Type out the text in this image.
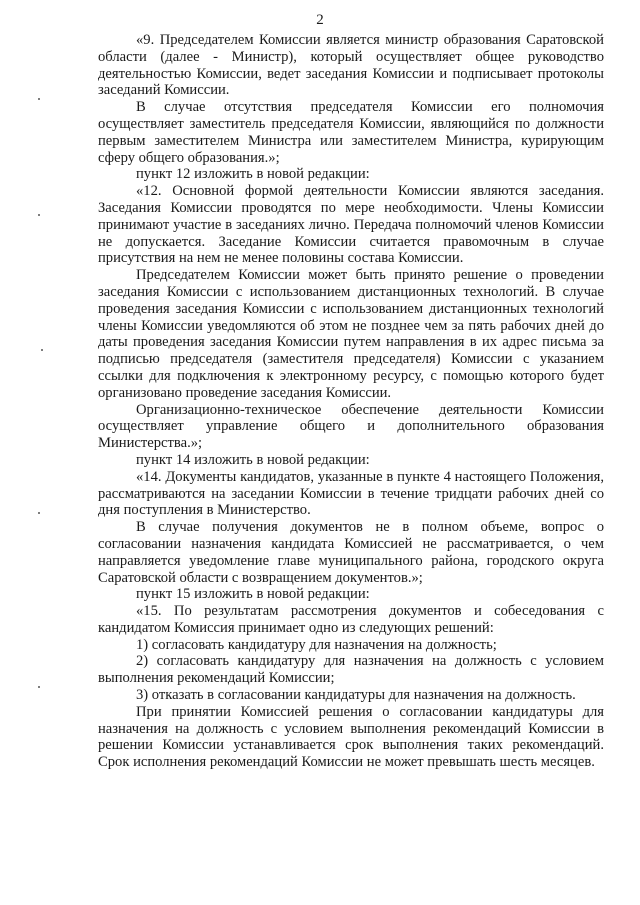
2

«9. Председателем Комиссии является министр образования Саратовской области (далее - Министр), который осуществляет общее руководство деятельностью Комиссии, ведет заседания Комиссии и подписывает протоколы заседаний Комиссии.

В случае отсутствия председателя Комиссии его полномочия осуществляет заместитель председателя Комиссии, являющийся по должности первым заместителем Министра или заместителем Министра, курирующим сферу общего образования.»;

пункт 12 изложить в новой редакции:

«12. Основной формой деятельности Комиссии являются заседания. Заседания Комиссии проводятся по мере необходимости. Члены Комиссии принимают участие в заседаниях лично. Передача полномочий членов Комиссии не допускается. Заседание Комиссии считается правомочным в случае присутствия на нем не менее половины состава Комиссии.

Председателем Комиссии может быть принято решение о проведении заседания Комиссии с использованием дистанционных технологий. В случае проведения заседания Комиссии с использованием дистанционных технологий члены Комиссии уведомляются об этом не позднее чем за пять рабочих дней до даты проведения заседания Комиссии путем направления в их адрес письма за подписью председателя (заместителя председателя) Комиссии с указанием ссылки для подключения к электронному ресурсу, с помощью которого будет организовано проведение заседания Комиссии.

Организационно-техническое обеспечение деятельности Комиссии осуществляет управление общего и дополнительного образования Министерства.»;

пункт 14 изложить в новой редакции:

«14. Документы кандидатов, указанные в пункте 4 настоящего Положения, рассматриваются на заседании Комиссии в течение тридцати рабочих дней со дня поступления в Министерство.

В случае получения документов не в полном объеме, вопрос о согласовании назначения кандидата Комиссией не рассматривается, о чем направляется уведомление главе муниципального района, городского округа Саратовской области с возвращением документов.»;

пункт 15 изложить в новой редакции:

«15. По результатам рассмотрения документов и собеседования с кандидатом Комиссия принимает одно из следующих решений:

1) согласовать кандидатуру для назначения на должность;

2) согласовать кандидатуру для назначения на должность с условием выполнения рекомендаций Комиссии;

3) отказать в согласовании кандидатуры для назначения на должность.

При принятии Комиссией решения о согласовании кандидатуры для назначения на должность с условием выполнения рекомендаций Комиссии в решении Комиссии устанавливается срок выполнения таких рекомендаций. Срок исполнения рекомендаций Комиссии не может превышать шесть месяцев.
